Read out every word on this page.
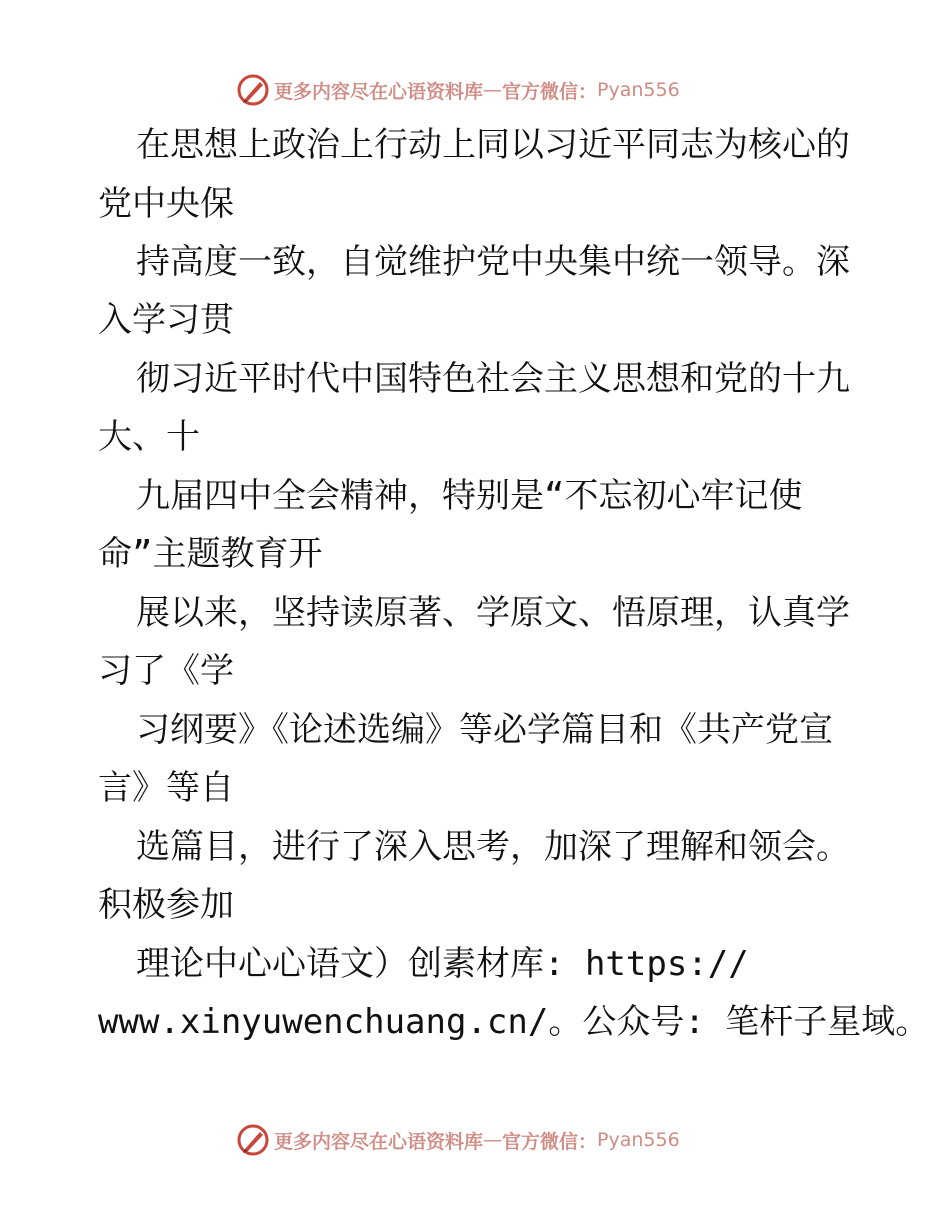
更多内容尽在心语资料库 — 官方微信： Pyan556
在思想上政治上行动上同以习近平同志为核心的
党中央保
持高度一致，自觉维护党中央集中统一领导。深
入学习贯
彻习近平时代中国特色社会主义思想和党的十九
大、十
九届四中全会精神，特别是“不忘初心牢记使
命”主题教育开
展以来，坚持读原著、学原文、悟原理，认真学
习了《学
习纲要》《论述选编》等必学篇目和《共产党宣
言》等自
选篇目，进行了深入思考，加深了理解和领会。
积极参加
理论中心心语文）创素材库: https://
www.xinyuwenchuang.cn/。公众号: 笔杆子星域。
更多内容尽在心语资料库 — 官方微信： Pyan556
